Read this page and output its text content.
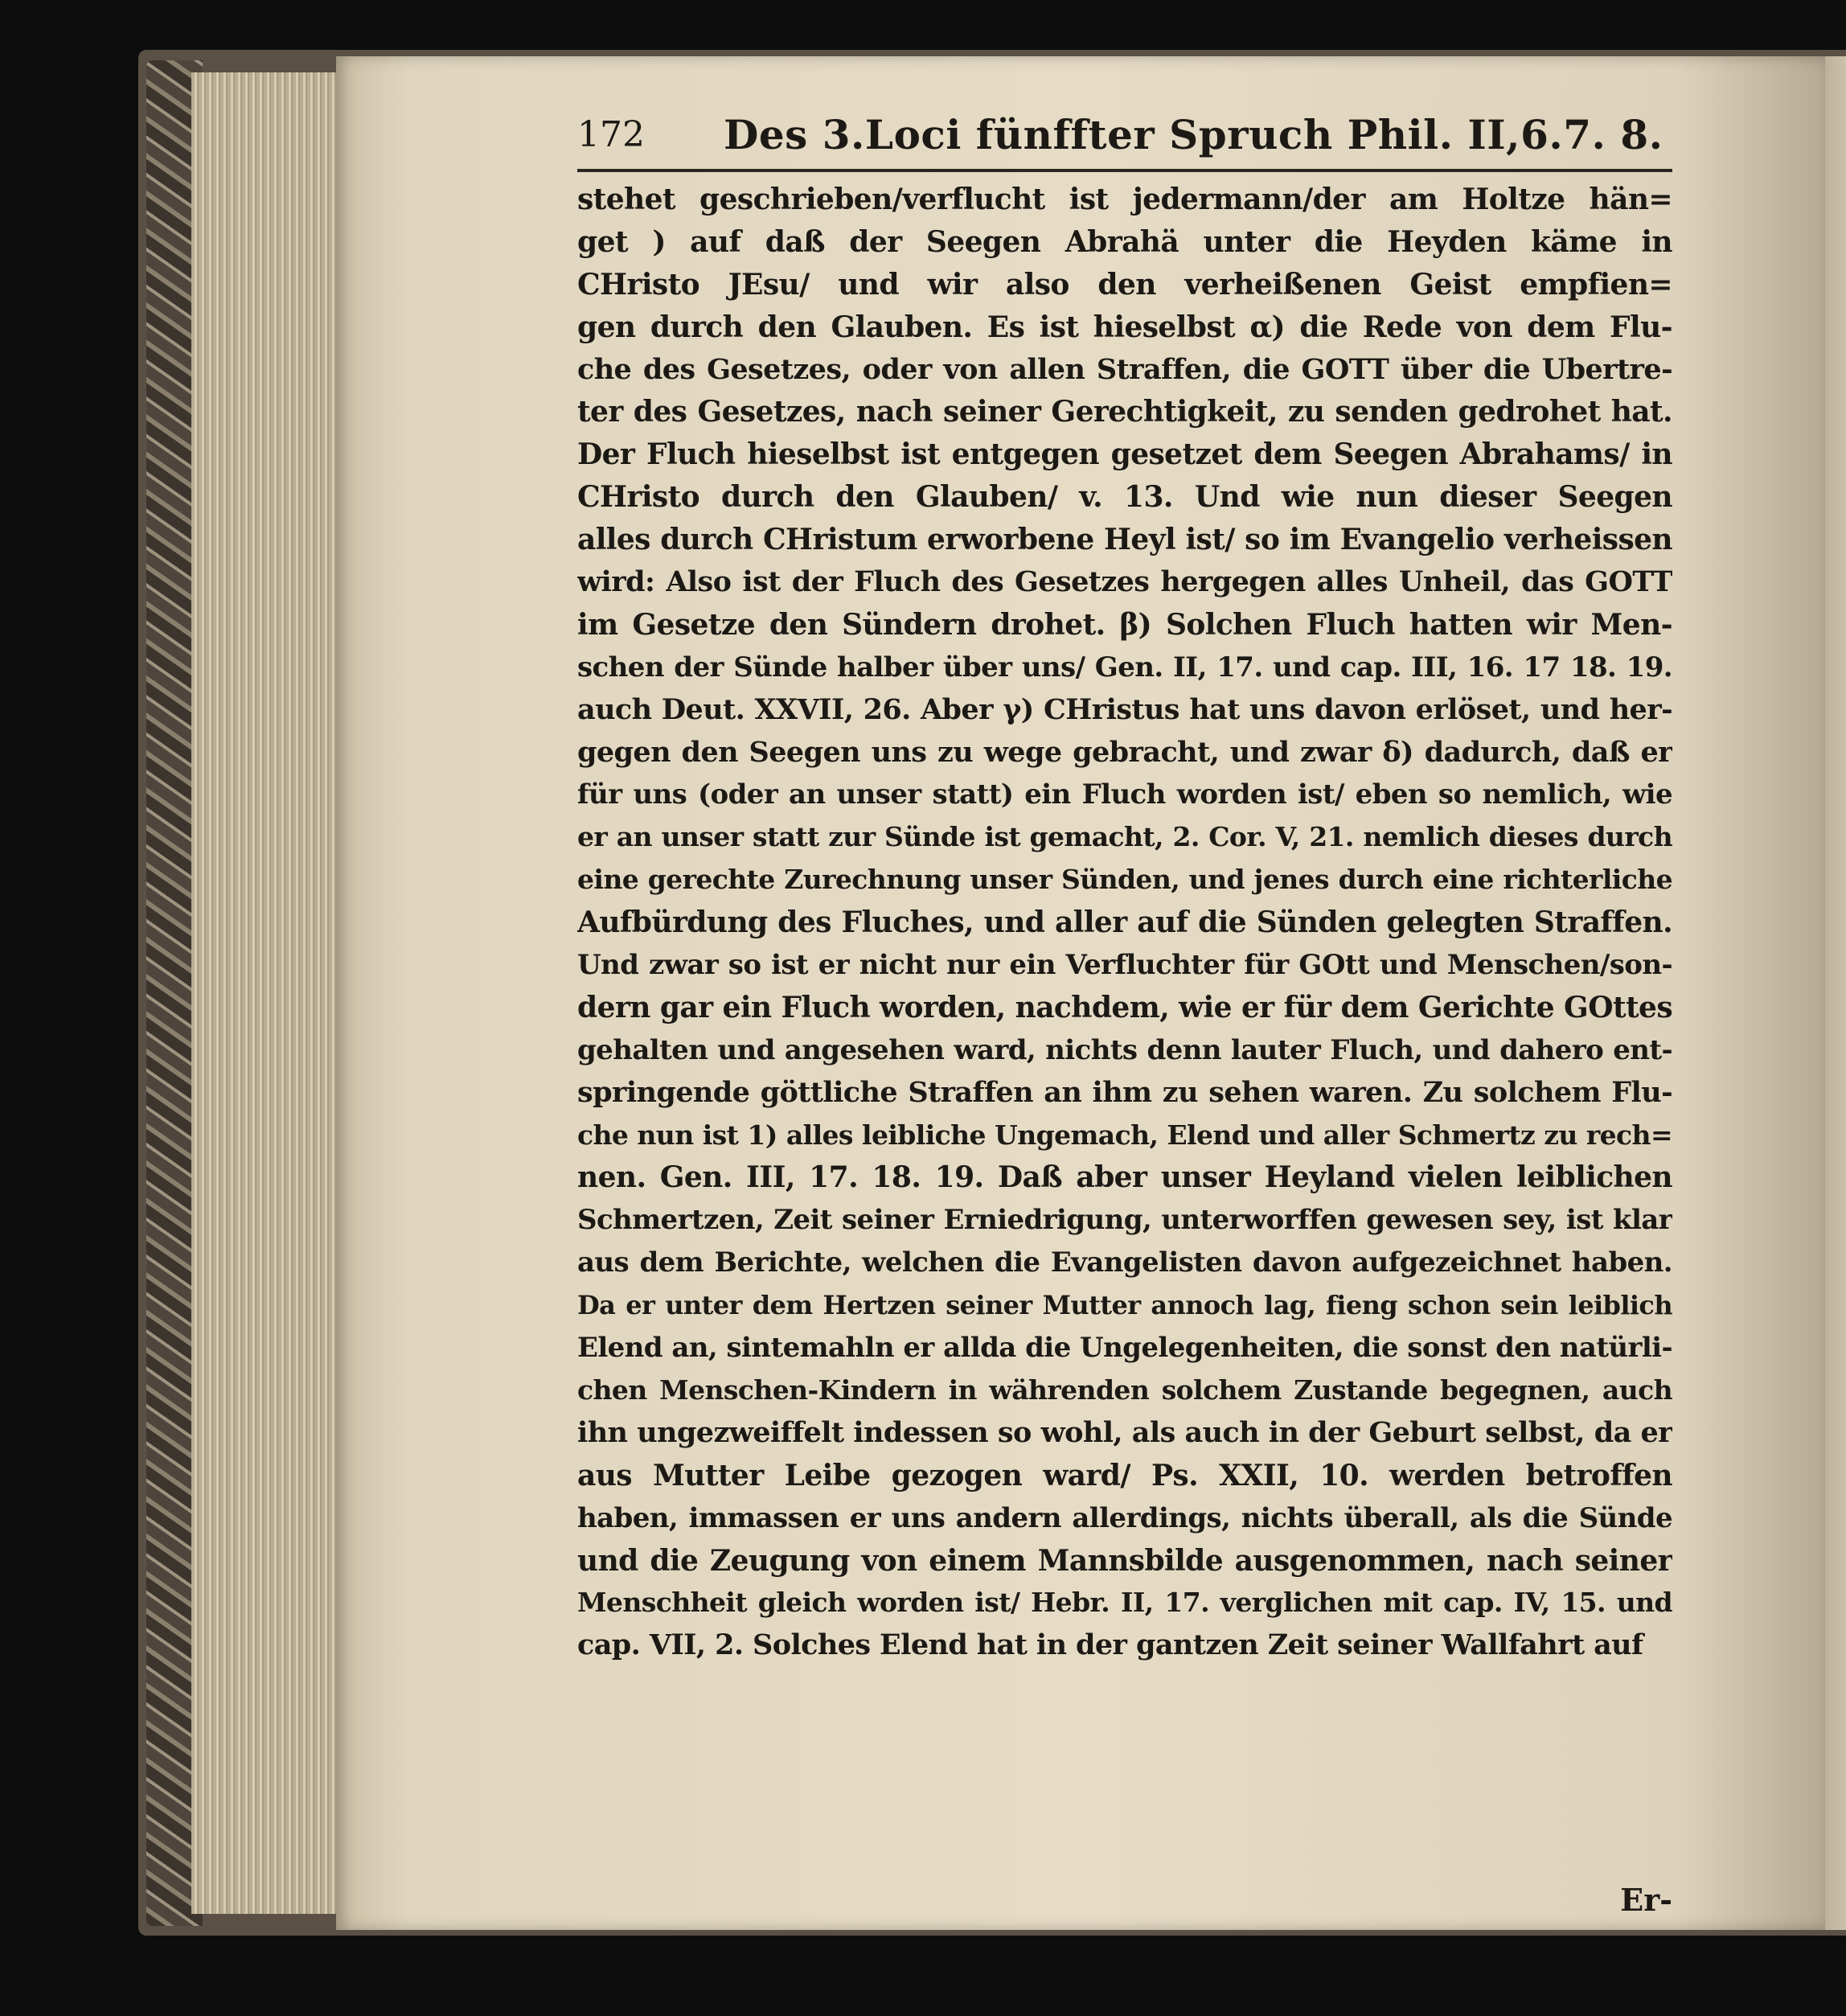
172 Des 3.Loci fünffter Spruch Phil. II,6.7. 8.
stehet geschrieben/verflucht ist jedermann/der am Holtze hän=
get ) auf daß der Seegen Abrahä unter die Heyden käme in
CHristo JEsu/ und wir also den verheißenen Geist empfien=
gen durch den Glauben. Es ist hieselbst α) die Rede von dem Flu-
che des Gesetzes, oder von allen Straffen, die GOTT über die Ubertre-
ter des Gesetzes, nach seiner Gerechtigkeit, zu senden gedrohet hat.
Der Fluch hieselbst ist entgegen gesetzet dem Seegen Abrahams/ in
CHristo durch den Glauben/ v. 13. Und wie nun dieser Seegen
alles durch CHristum erworbene Heyl ist/ so im Evangelio verheissen
wird: Also ist der Fluch des Gesetzes hergegen alles Unheil, das GOTT
im Gesetze den Sündern drohet. β) Solchen Fluch hatten wir Men-
schen der Sünde halber über uns/ Gen. II, 17. und cap. III, 16. 17 18. 19.
auch Deut. XXVII, 26. Aber γ) CHristus hat uns davon erlöset, und her-
gegen den Seegen uns zu wege gebracht, und zwar δ) dadurch, daß er
für uns (oder an unser statt) ein Fluch worden ist/ eben so nemlich, wie
er an unser statt zur Sünde ist gemacht, 2. Cor. V, 21. nemlich dieses durch
eine gerechte Zurechnung unser Sünden, und jenes durch eine richterliche
Aufbürdung des Fluches, und aller auf die Sünden gelegten Straffen.
Und zwar so ist er nicht nur ein Verfluchter für GOtt und Menschen/son-
dern gar ein Fluch worden, nachdem, wie er für dem Gerichte GOttes
gehalten und angesehen ward, nichts denn lauter Fluch, und dahero ent-
springende göttliche Straffen an ihm zu sehen waren. Zu solchem Flu-
che nun ist 1) alles leibliche Ungemach, Elend und aller Schmertz zu rech=
nen. Gen. III, 17. 18. 19. Daß aber unser Heyland vielen leiblichen
Schmertzen, Zeit seiner Erniedrigung, unterworffen gewesen sey, ist klar
aus dem Berichte, welchen die Evangelisten davon aufgezeichnet haben.
Da er unter dem Hertzen seiner Mutter annoch lag, fieng schon sein leiblich
Elend an, sintemahln er allda die Ungelegenheiten, die sonst den natürli-
chen Menschen-Kindern in währenden solchem Zustande begegnen, auch
ihn ungezweiffelt indessen so wohl, als auch in der Geburt selbst, da er
aus Mutter Leibe gezogen ward/ Ps. XXII, 10. werden betroffen
haben, immassen er uns andern allerdings, nichts überall, als die Sünde
und die Zeugung von einem Mannsbilde ausgenommen, nach seiner
Menschheit gleich worden ist/ Hebr. II, 17. verglichen mit cap. IV, 15. und
cap. VII, 2. Solches Elend hat in der gantzen Zeit seiner Wallfahrt auf
Er-
